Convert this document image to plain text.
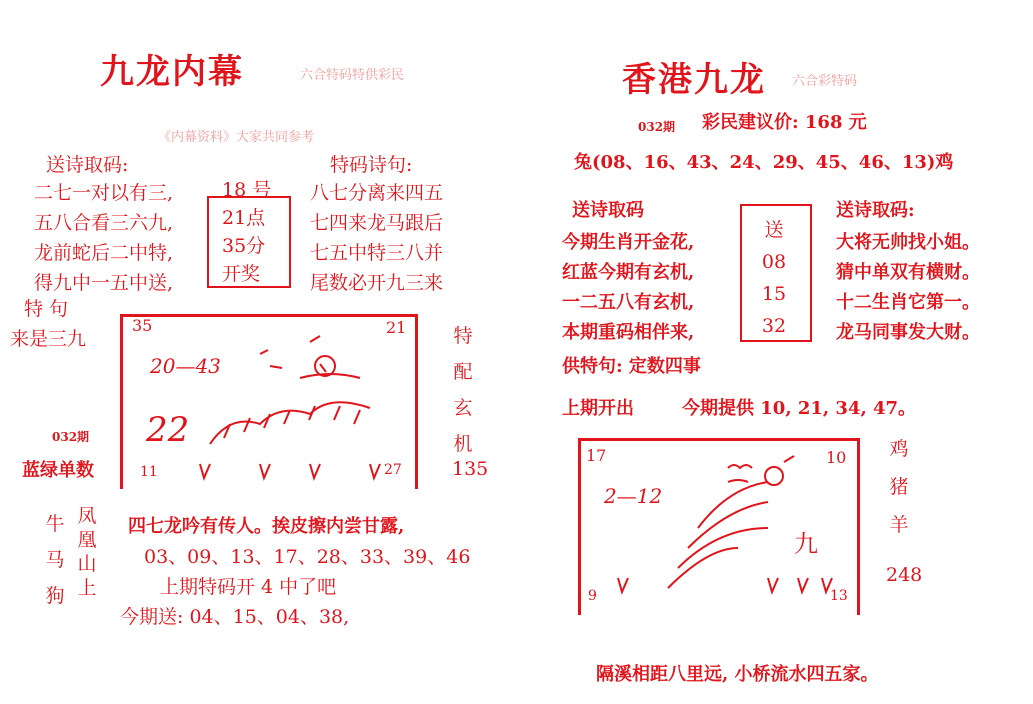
九龙内幕	六合特码特供彩民
《内幕资料》大家共同参考
送诗取码:	特码诗句:
二七一对以有三,
五八合看三六九,
龙前蛇后二中特,
得九中一五中送,
18 号
21点
35分
开奖
八七分离来四五
七四来龙马跟后
七五中特三八并
尾数必开九三来
特 句
来是三九
032期
蓝绿单数
35	21
20—43
22
11	27
特
配
玄
机
135
牛
马
狗
凤
凰
山
上
四七龙吟有传人。挨皮擦内尝甘露,
03、09、13、17、28、33、39、46
上期特码开 4 中了吧
今期送: 04、15、04、38,
香港九龙 六合彩特码
032期 彩民建议价: 168 元
兔(08、16、43、24、29、45、46、13)鸡
送诗取码	送诗取码:
今期生肖开金花,
红蓝今期有玄机,
一二五八有玄机,
本期重码相伴来,
送
08
15
32
大将无帅找小姐。
猜中单双有横财。
十二生肖它第一。
龙马同事发大财。
供特句: 定数四事
上期开出	今期提供 10, 21, 34, 47。
17	10
2—12
九
9	13
鸡
猪
羊
248
隔溪相距八里远, 小桥流水四五家。
